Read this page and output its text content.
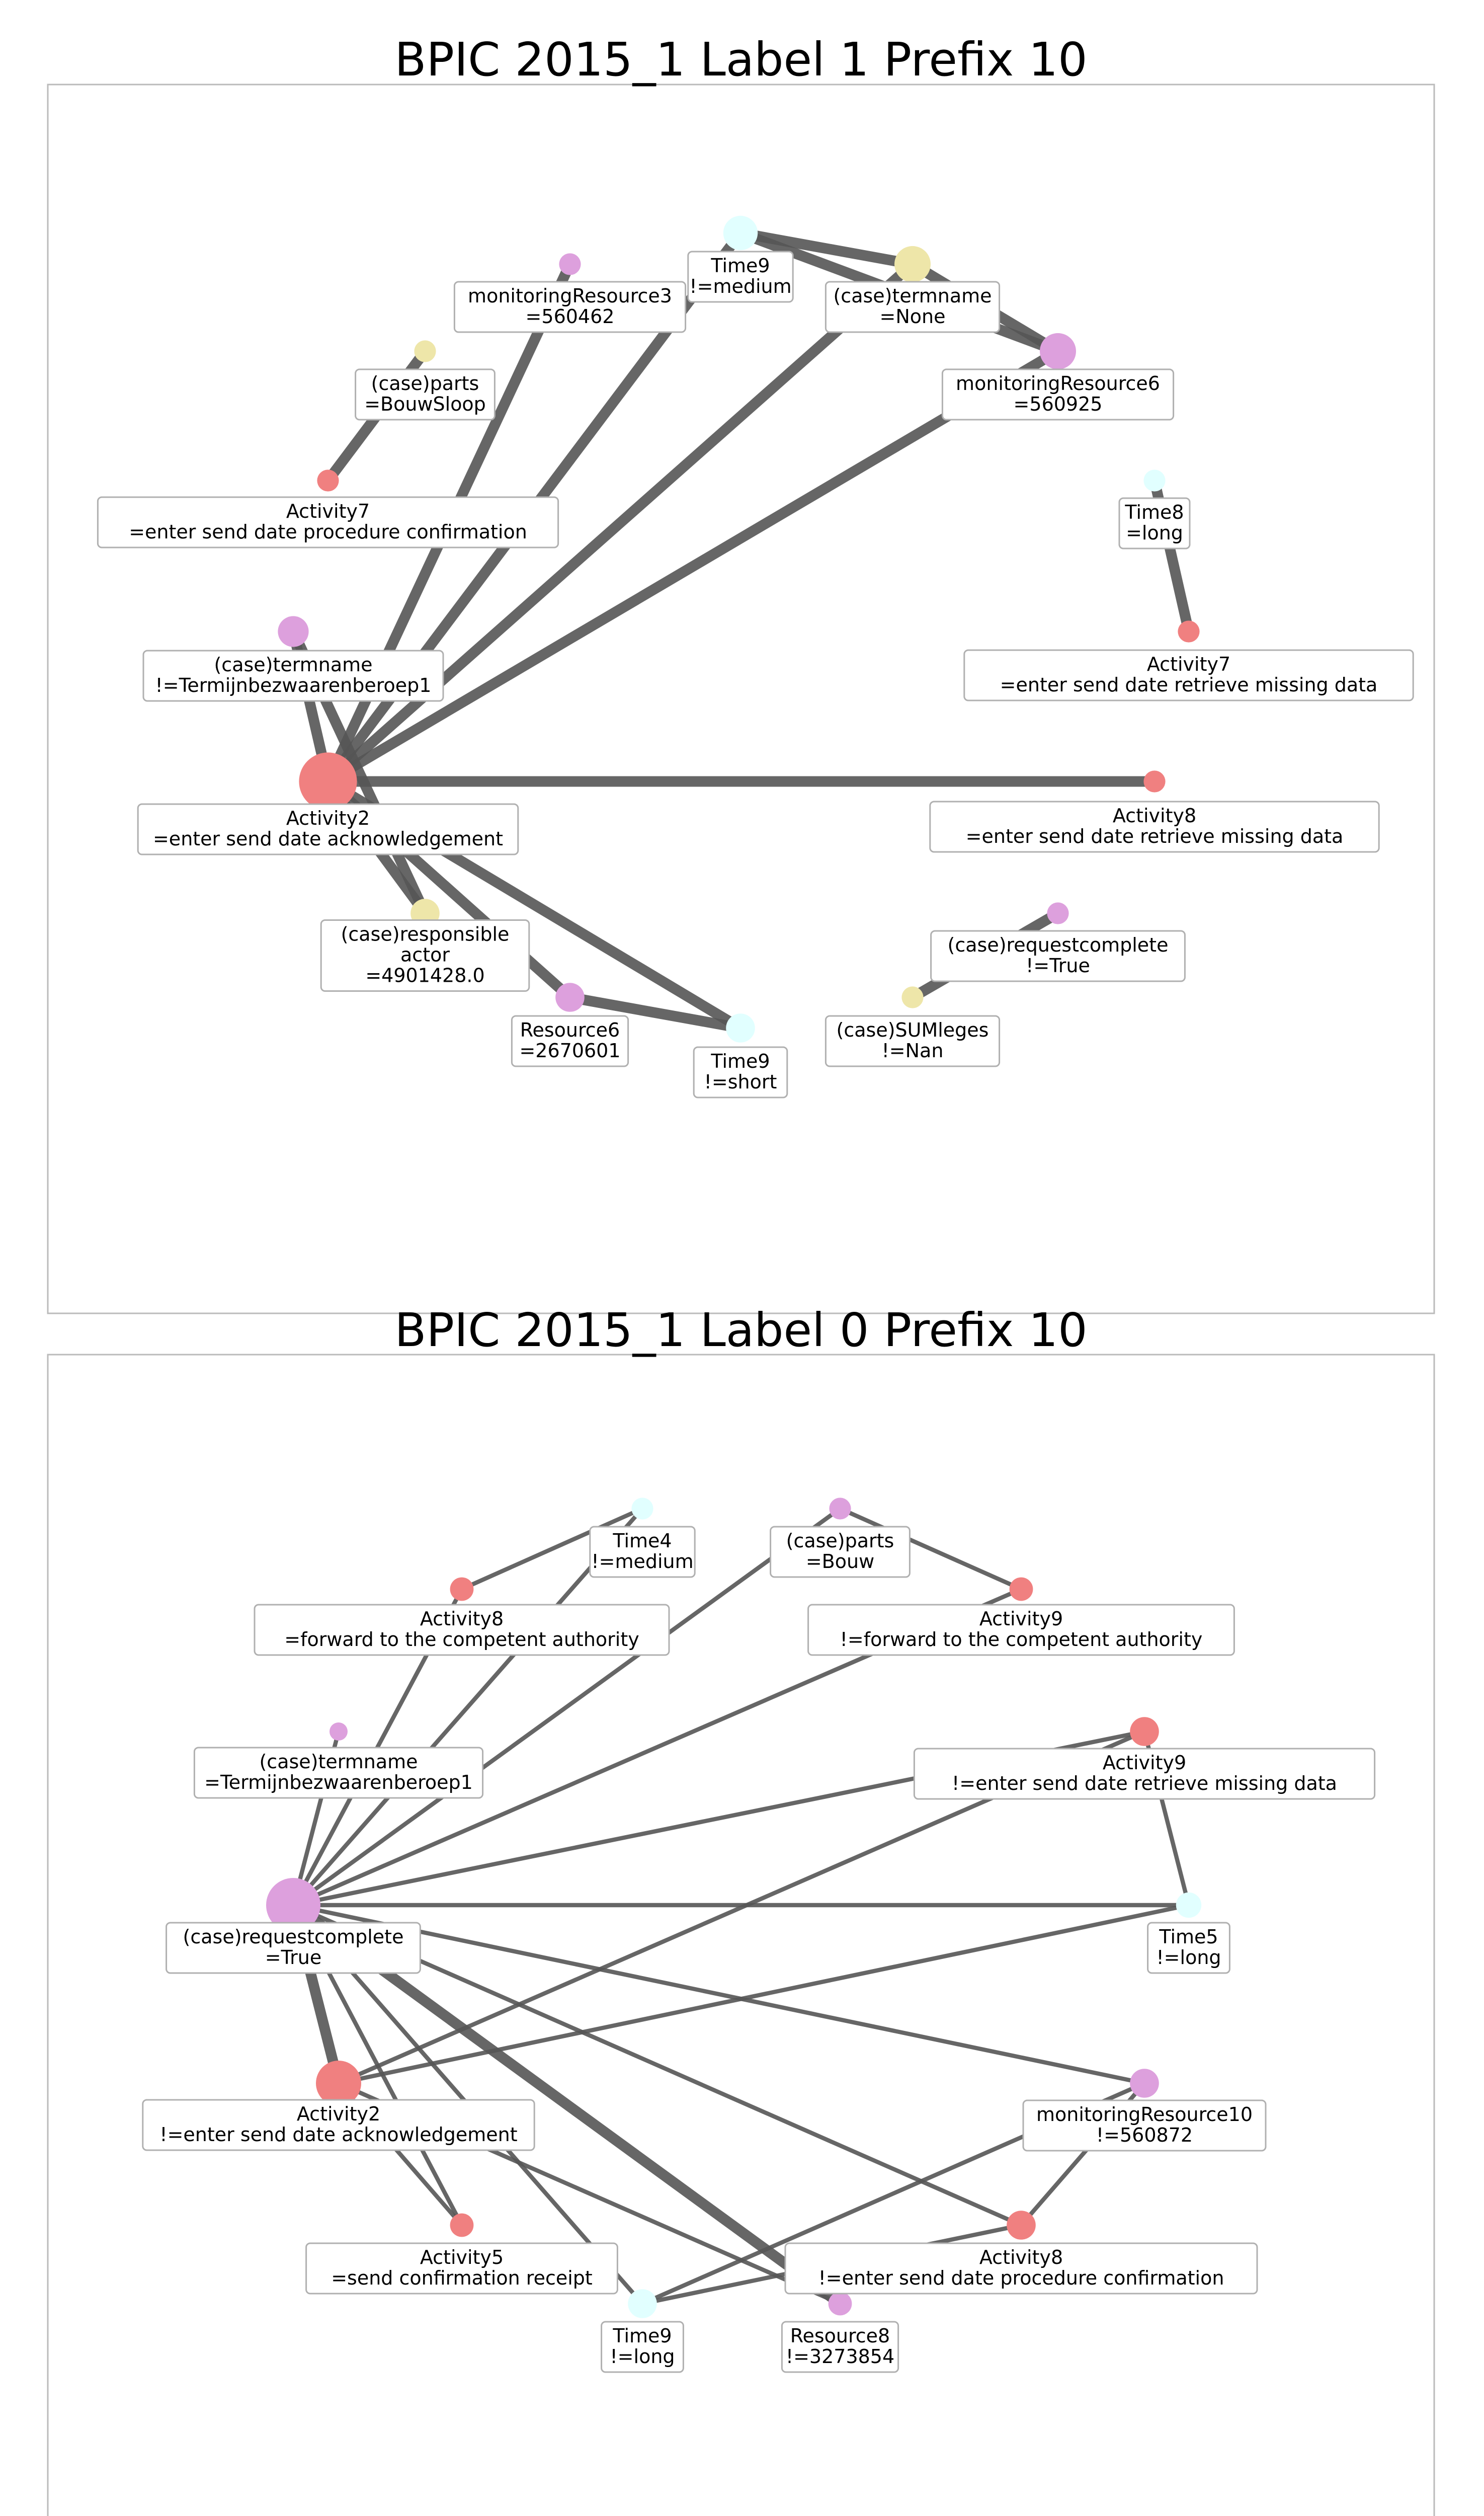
BPIC 2015_1 Label 1 Prefix 10
Activity2
=enter send date acknowledgement
(case)termname
!=Termijnbezwaarenberoep1
Activity7
=enter send date procedure confirmation
(case)parts
=BouwSloop
monitoringResource3
=560462
Time9
!=medium (case)termname
=None
monitoringResource6
=560925
Time8
=long
Activity7
=enter send date retrieve missing data
Activity8
=enter send date retrieve missing data
(case)requestcomplete
!=True
(case)SUMleges
!=Nan
Time9
!=short
Resource6
=2670601
(case)responsible
actor
=4901428.0
BPIC 2015_1 Label 0 Prefix 10
(case)requestcomplete
=True
(case)termname
=Termijnbezwaarenberoep1
Activity8
=forward to the competent authority
Time4
!=medium
(case)parts
=Bouw
Activity9
!=forward to the competent authority
Activity9
!=enter send date retrieve missing data
Time5
!=long
monitoringResource10
!=560872
Activity8
!=enter send date procedure confirmation
Resource8
!=3273854
Time9
!=long
Activity5
=send confirmation receipt
Activity2
!=enter send date acknowledgement
